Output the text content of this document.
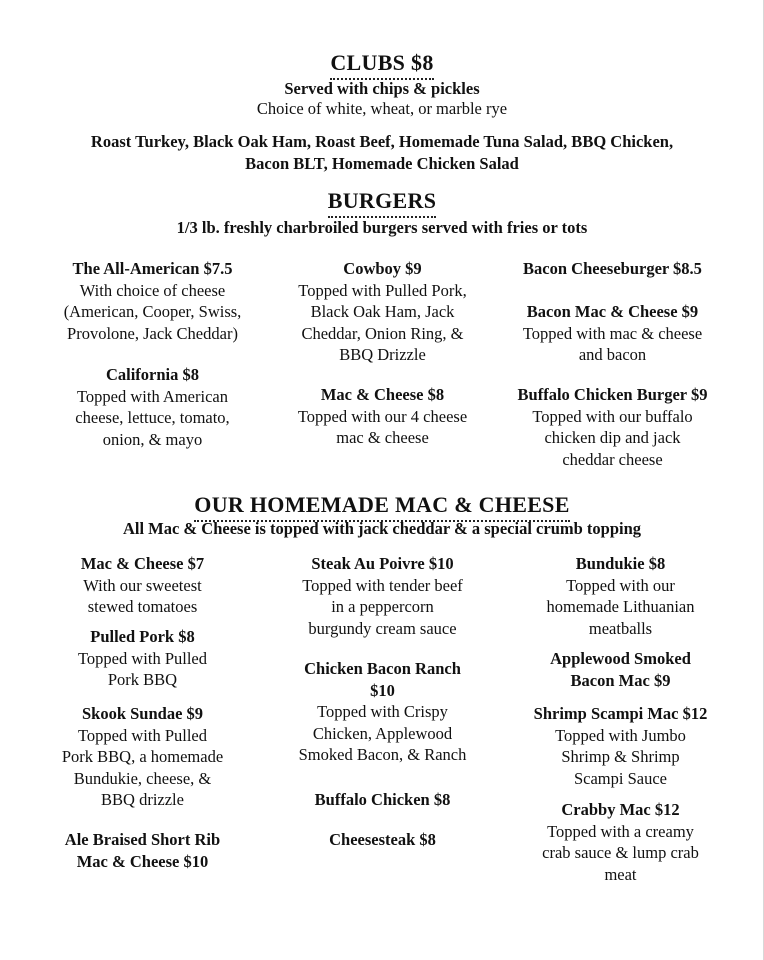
CLUBS $8
Served with chips & pickles
Choice of white, wheat, or marble rye
Roast Turkey, Black Oak Ham, Roast Beef, Homemade Tuna Salad, BBQ Chicken,
Bacon BLT, Homemade Chicken Salad
BURGERS
1/3 lb. freshly charbroiled burgers served with fries or tots
The All-American $7.5
With choice of cheese
(American, Cooper, Swiss,
Provolone, Jack Cheddar)
California $8
Topped with American
cheese, lettuce, tomato,
onion, & mayo
Cowboy $9
Topped with Pulled Pork,
Black Oak Ham, Jack
Cheddar, Onion Ring, &
BBQ Drizzle
Mac & Cheese $8
Topped with our 4 cheese
mac & cheese
Bacon Cheeseburger $8.5
Bacon Mac & Cheese $9
Topped with mac & cheese
and bacon
Buffalo Chicken Burger $9
Topped with our buffalo
chicken dip and jack
cheddar cheese
OUR HOMEMADE MAC & CHEESE
All Mac & Cheese is topped with jack cheddar & a special crumb topping
Mac & Cheese $7
With our sweetest
stewed tomatoes
Pulled Pork $8
Topped with Pulled
Pork BBQ
Skook Sundae $9
Topped with Pulled
Pork BBQ, a homemade
Bundukie, cheese, &
BBQ drizzle
Ale Braised Short Rib
Mac & Cheese $10
Steak Au Poivre $10
Topped with tender beef
in a peppercorn
burgundy cream sauce
Chicken Bacon Ranch
$10
Topped with Crispy
Chicken, Applewood
Smoked Bacon, & Ranch
Buffalo Chicken $8
Cheesesteak $8
Bundukie $8
Topped with our
homemade Lithuanian
meatballs
Applewood Smoked
Bacon Mac $9
Shrimp Scampi Mac $12
Topped with Jumbo
Shrimp & Shrimp
Scampi Sauce
Crabby Mac $12
Topped with a creamy
crab sauce & lump crab
meat
